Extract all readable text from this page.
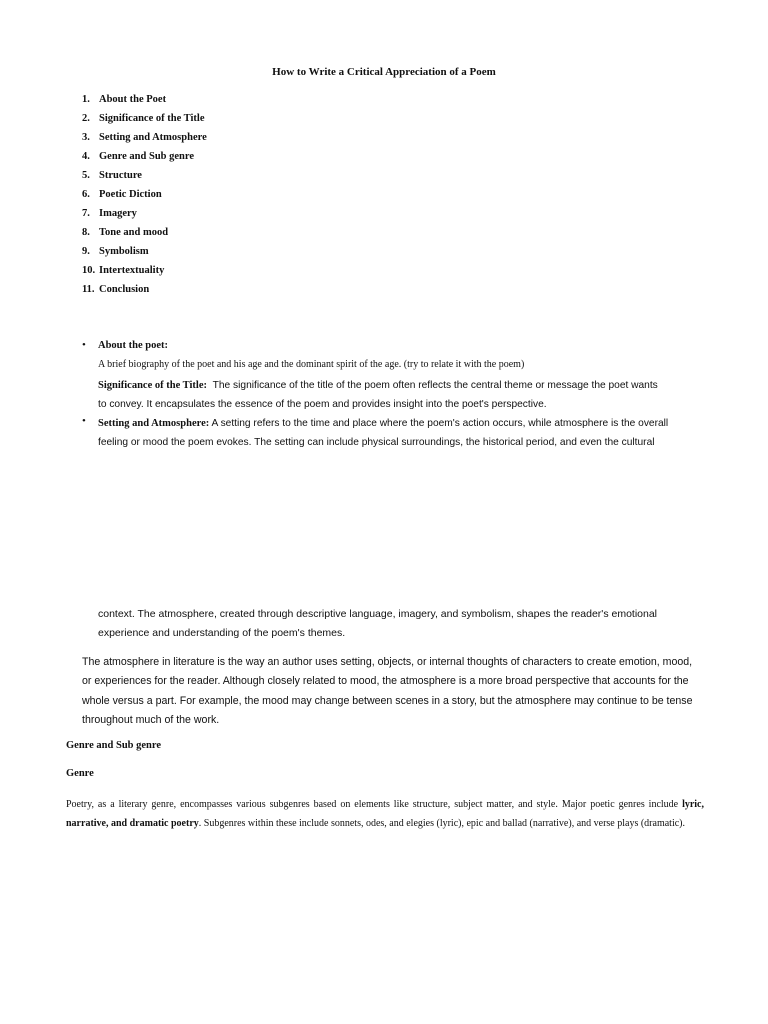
How to Write a Critical Appreciation of a Poem
1. About the Poet
2. Significance of the Title
3. Setting and Atmosphere
4. Genre and Sub genre
5. Structure
6. Poetic Diction
7. Imagery
8. Tone and mood
9. Symbolism
10. Intertextuality
11. Conclusion
• About the poet:
A brief biography of the poet and his age and the dominant spirit of the age. (try to relate it with the poem)
Significance of the Title: The significance of the title of the poem often reflects the central theme or message the poet wants
to convey. It encapsulates the essence of the poem and provides insight into the poet's perspective.
• Setting and Atmosphere: A setting refers to the time and place where the poem's action occurs, while atmosphere is the overall
feeling or mood the poem evokes. The setting can include physical surroundings, the historical period, and even the cultural
context. The atmosphere, created through descriptive language, imagery, and symbolism, shapes the reader's emotional
experience and understanding of the poem's themes.

The atmosphere in literature is the way an author uses setting, objects, or internal thoughts of characters to create emotion, mood, or experiences for the reader. Although closely related to mood, the atmosphere is a more broad perspective that accounts for the whole versus a part. For example, the mood may change between scenes in a story, but the atmosphere may continue to be tense throughout much of the work.

Genre and Sub genre
Genre

Poetry, as a literary genre, encompasses various subgenres based on elements like structure, subject matter, and style. Major poetic genres include lyric, narrative, and dramatic poetry. Subgenres within these include sonnets, odes, and elegies (lyric), epic and ballad (narrative), and verse plays (dramatic).
